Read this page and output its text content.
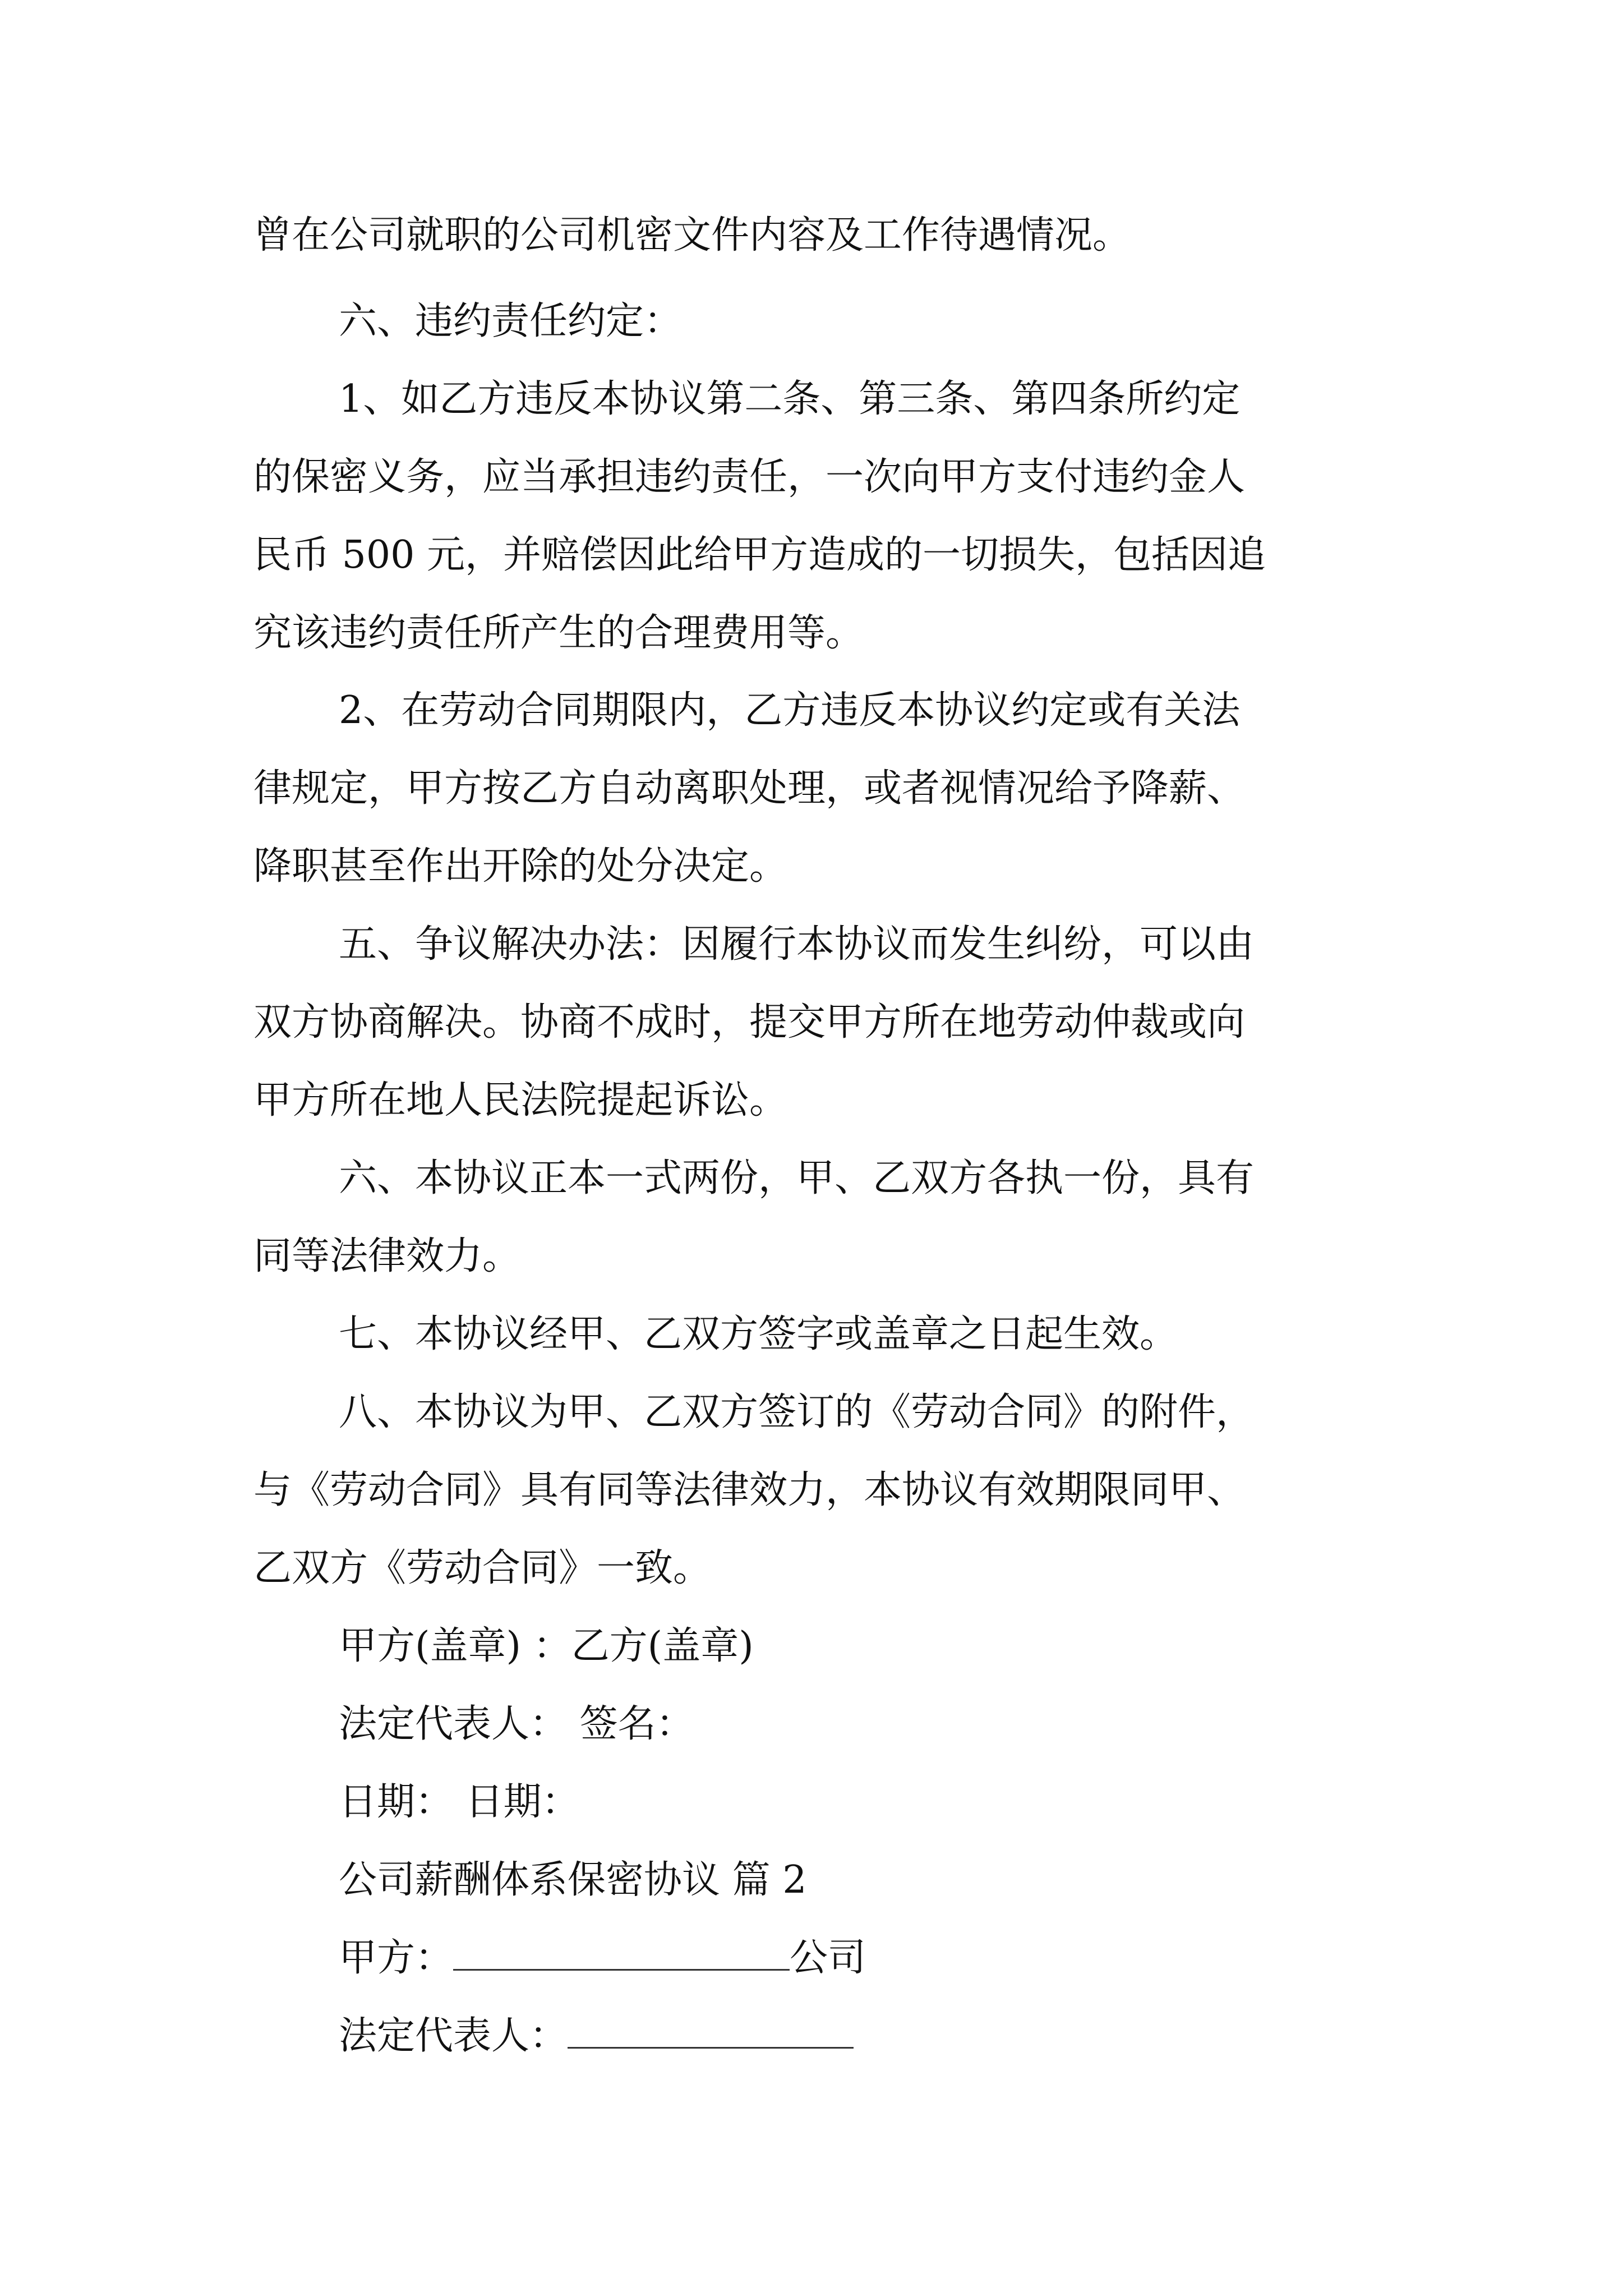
曾在公司就职的公司机密文件内容及工作待遇情况。
六、违约责任约定：
1、如乙方违反本协议第二条、第三条、第四条所约定
的保密义务，应当承担违约责任，一次向甲方支付违约金人
民币 500 元，并赔偿因此给甲方造成的一切损失，包括因追
究该违约责任所产生的合理费用等。
2、在劳动合同期限内，乙方违反本协议约定或有关法
律规定，甲方按乙方自动离职处理，或者视情况给予降薪、
降职甚至作出开除的处分决定。
五、争议解决办法：因履行本协议而发生纠纷，可以由
双方协商解决。协商不成时，提交甲方所在地劳动仲裁或向
甲方所在地人民法院提起诉讼。
六、本协议正本一式两份，甲、乙双方各执一份，具有
同等法律效力。
七、本协议经甲、乙双方签字或盖章之日起生效。
八、本协议为甲、乙双方签订的《劳动合同》的附件，
与《劳动合同》具有同等法律效力，本协议有效期限同甲、
乙双方《劳动合同》一致。
甲方(盖章) ：乙方(盖章)
法定代表人： 签名：
日期： 日期：
公司薪酬体系保密协议 篇 2
甲方：	公司
法定代表人：
